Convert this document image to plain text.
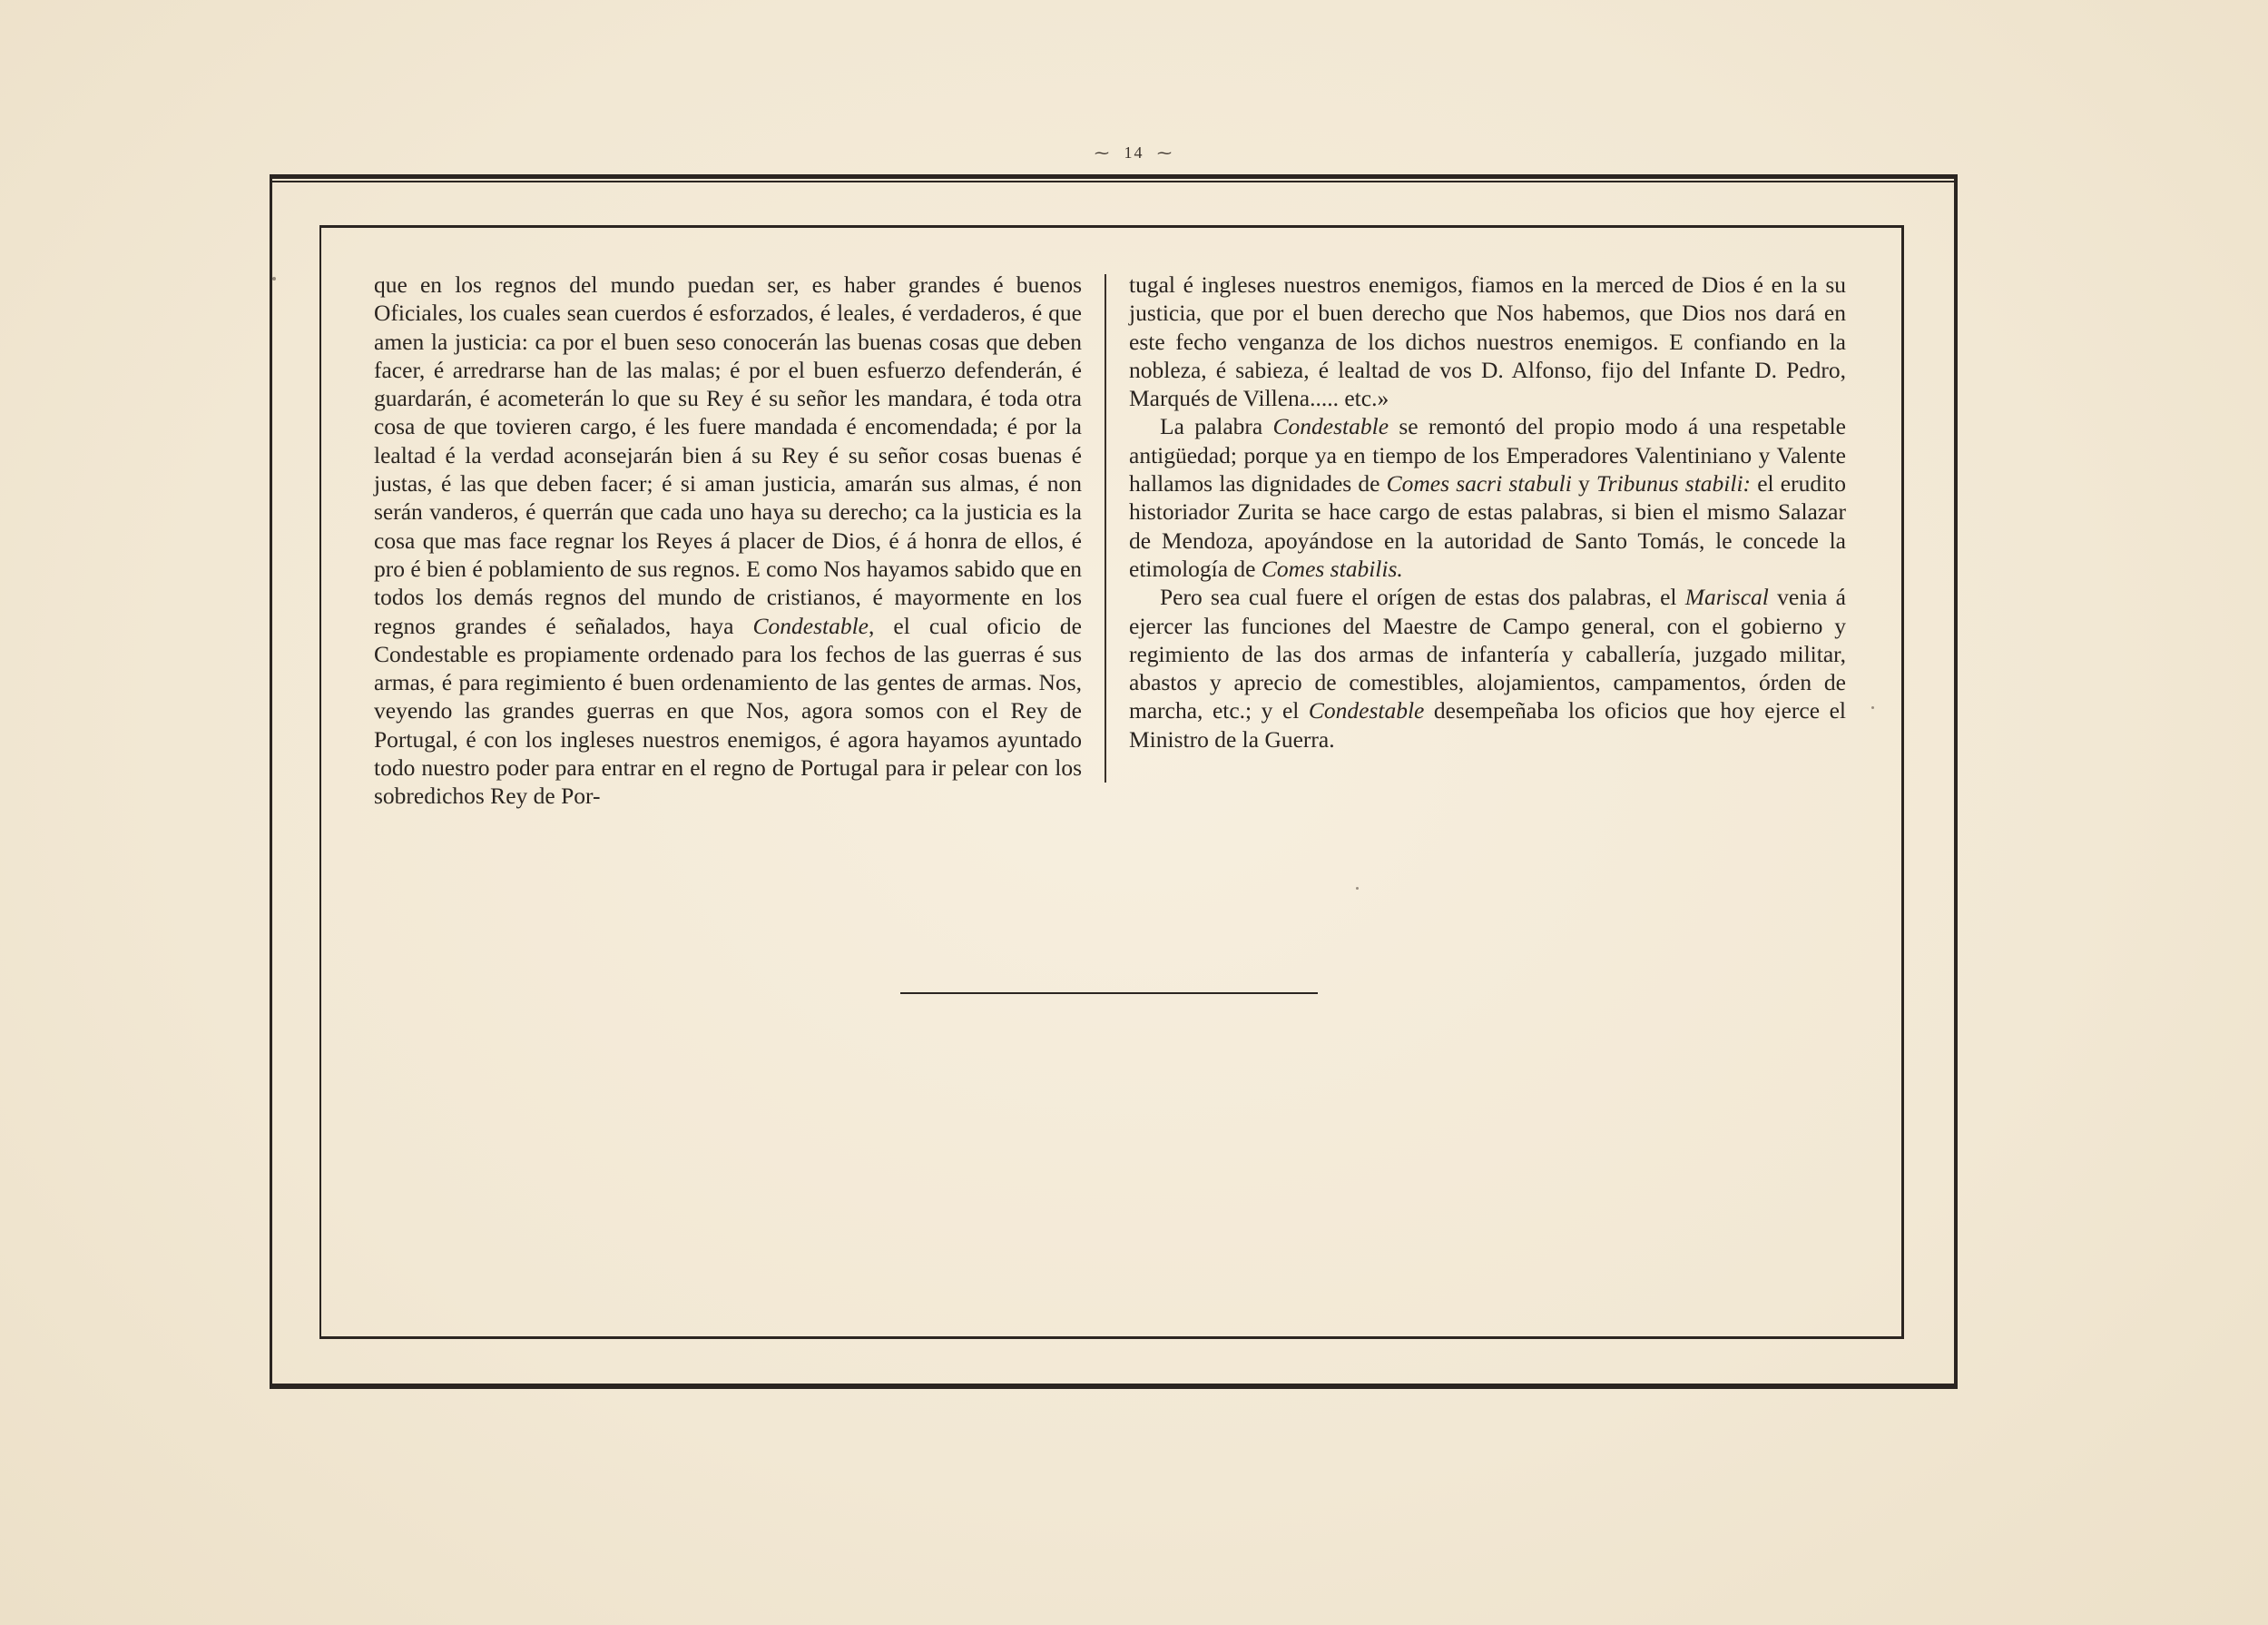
⁓ 14 ⁓

que en los regnos del mundo puedan ser, es haber grandes é buenos Oficiales, los cuales sean cuerdos é esforzados, é leales, é verdaderos, é que amen la justicia: ca por el buen seso conocerán las buenas cosas que deben facer, é arredrarse han de las malas; é por el buen esfuerzo defenderán, é guardarán, é acometerán lo que su Rey é su señor les mandara, é toda otra cosa de que tovieren cargo, é les fuere mandada é encomendada; é por la lealtad é la verdad aconsejarán bien á su Rey é su señor cosas buenas é justas, é las que deben facer; é si aman justicia, amarán sus almas, é non serán vanderos, é querrán que cada uno haya su derecho; ca la justicia es la cosa que mas face regnar los Reyes á placer de Dios, é á honra de ellos, é pro é bien é poblamiento de sus regnos. E como Nos hayamos sabido que en todos los demás regnos del mundo de cristianos, é mayormente en los regnos grandes é señalados, haya Condestable, el cual oficio de Condestable es propiamente ordenado para los fechos de las guerras é sus armas, é para regimiento é buen ordenamiento de las gentes de armas. Nos, veyendo las grandes guerras en que Nos, agora somos con el Rey de Portugal, é con los ingleses nuestros enemigos, é agora hayamos ayuntado todo nuestro poder para entrar en el regno de Portugal para ir pelear con los sobredichos Rey de Por-

tugal é ingleses nuestros enemigos, fiamos en la merced de Dios é en la su justicia, que por el buen derecho que Nos habemos, que Dios nos dará en este fecho venganza de los dichos nuestros enemigos. E confiando en la nobleza, é sabieza, é lealtad de vos D. Alfonso, fijo del Infante D. Pedro, Marqués de Villena..... etc.»

La palabra Condestable se remontó del propio modo á una respetable antigüedad; porque ya en tiempo de los Emperadores Valentiniano y Valente hallamos las dignidades de Comes sacri stabuli y Tribunus stabili: el erudito historiador Zurita se hace cargo de estas palabras, si bien el mismo Salazar de Mendoza, apoyándose en la autoridad de Santo Tomás, le concede la etimología de Comes stabilis.

Pero sea cual fuere el orígen de estas dos palabras, el Mariscal venia á ejercer las funciones del Maestre de Campo general, con el gobierno y regimiento de las dos armas de infantería y caballería, juzgado militar, abastos y aprecio de comestibles, alojamientos, campamentos, órden de marcha, etc.; y el Condestable desempeñaba los oficios que hoy ejerce el Ministro de la Guerra.
